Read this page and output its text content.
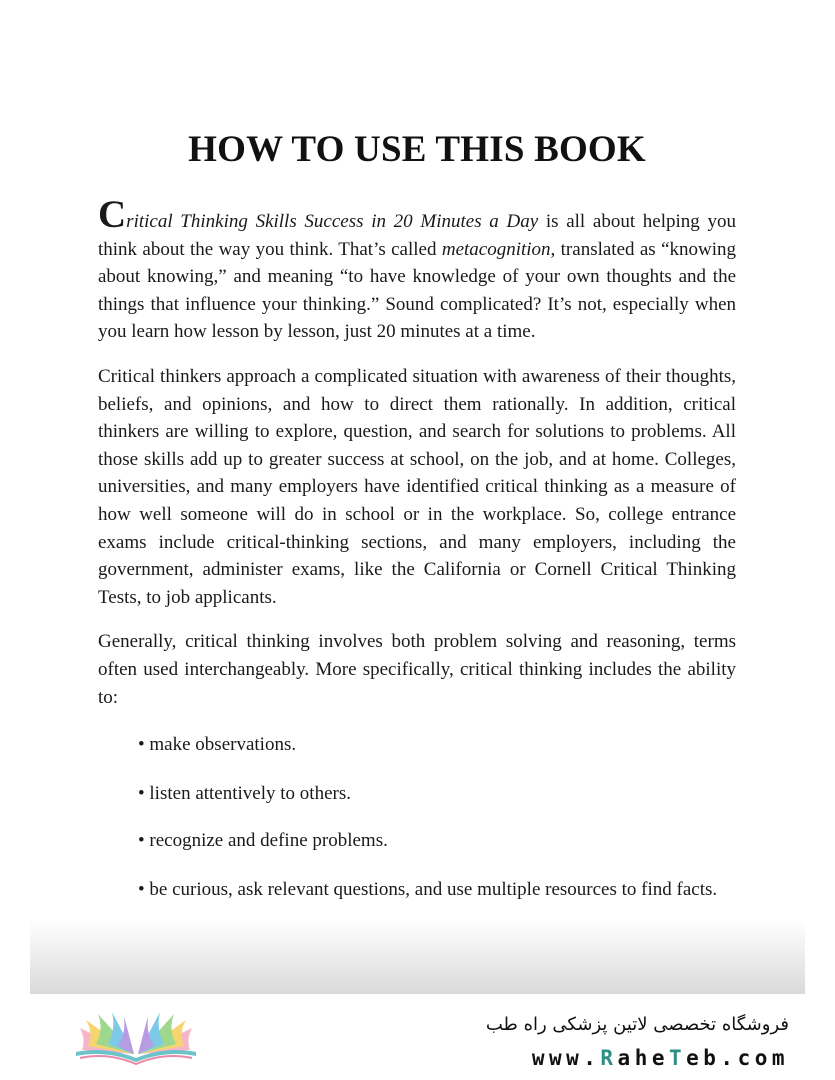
HOW TO USE THIS BOOK

Critical Thinking Skills Success in 20 Minutes a Day is all about helping you think about the way you think. That’s called metacognition, translated as “knowing about knowing,” and meaning “to have knowledge of your own thoughts and the things that influence your thinking.” Sound complicated? It’s not, especially when you learn how lesson by lesson, just 20 minutes at a time.

Critical thinkers approach a complicated situation with awareness of their thoughts, beliefs, and opinions, and how to direct them rationally. In addition, critical thinkers are willing to explore, question, and search for solutions to problems. All those skills add up to greater success at school, on the job, and at home. Colleges, universities, and many employers have identified critical thinking as a measure of how well someone will do in school or in the workplace. So, college entrance exams include critical-thinking sections, and many employers, including the government, administer exams, like the California or Cornell Critical Thinking Tests, to job applicants.

Generally, critical thinking involves both problem solving and reasoning, terms often used interchangeably. More specifically, critical thinking includes the ability to:

• make observations.
• listen attentively to others.
• recognize and define problems.
• be curious, ask relevant questions, and use multiple resources to find facts.
فروشگاه تخصصی لاتین پزشکی راه طب
www.RaheTeb.com
